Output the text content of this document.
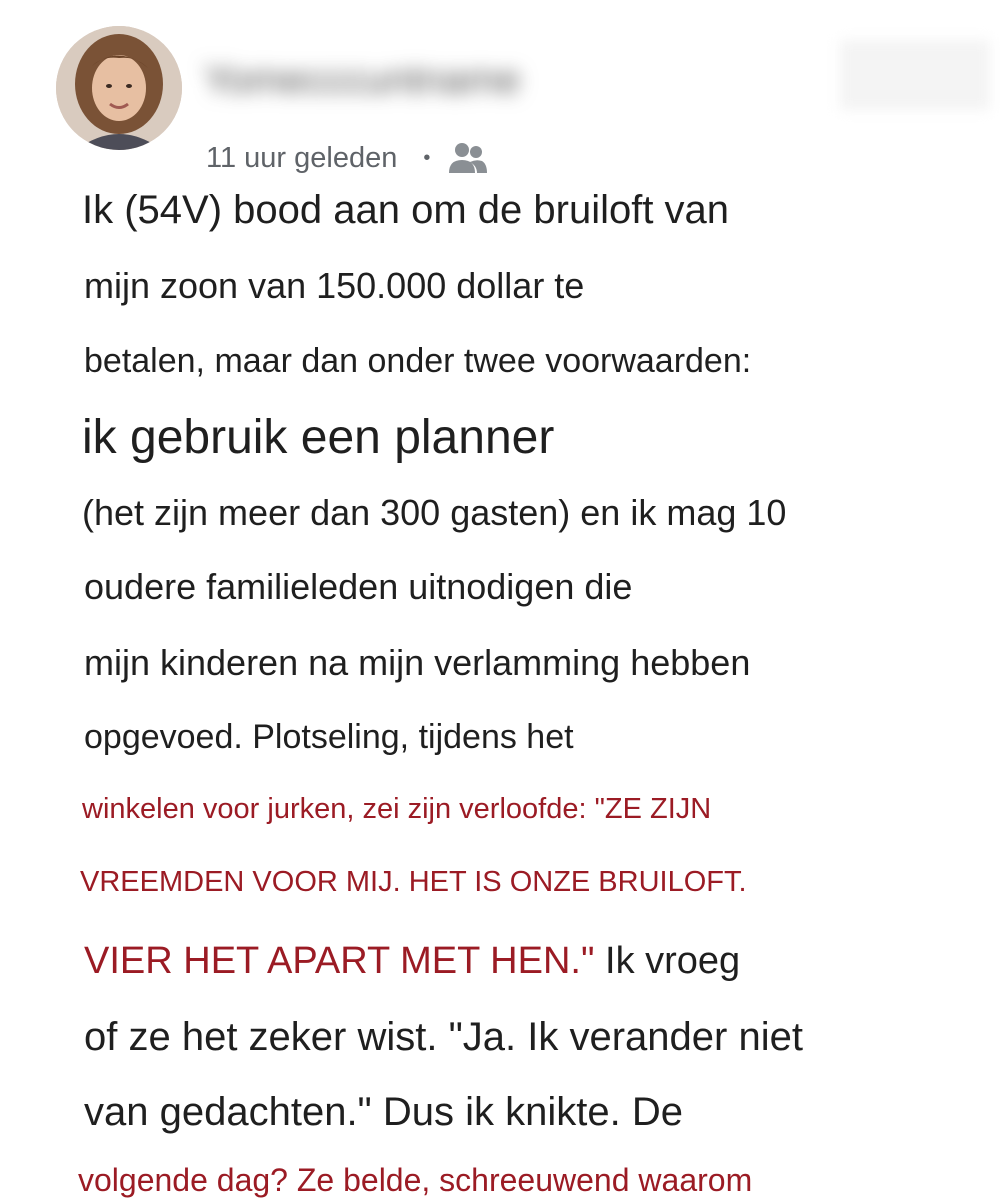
Yomecccuntname
11 uur geleden •
Ik (54V) bood aan om de bruiloft van
mijn zoon van 150.000 dollar te
betalen, maar dan onder twee voorwaarden:
ik gebruik een planner
(het zijn meer dan 300 gasten) en ik mag 10
oudere familieleden uitnodigen die
mijn kinderen na mijn verlamming hebben
opgevoed. Plotseling, tijdens het
winkelen voor jurken, zei zijn verloofde: "ZE ZIJN
VREEMDEN VOOR MIJ. HET IS ONZE BRUILOFT.
VIER HET APART MET HEN." Ik vroeg
of ze het zeker wist. "Ja. Ik verander niet
van gedachten." Dus ik knikte. De
volgende dag? Ze belde, schreeuwend waarom
